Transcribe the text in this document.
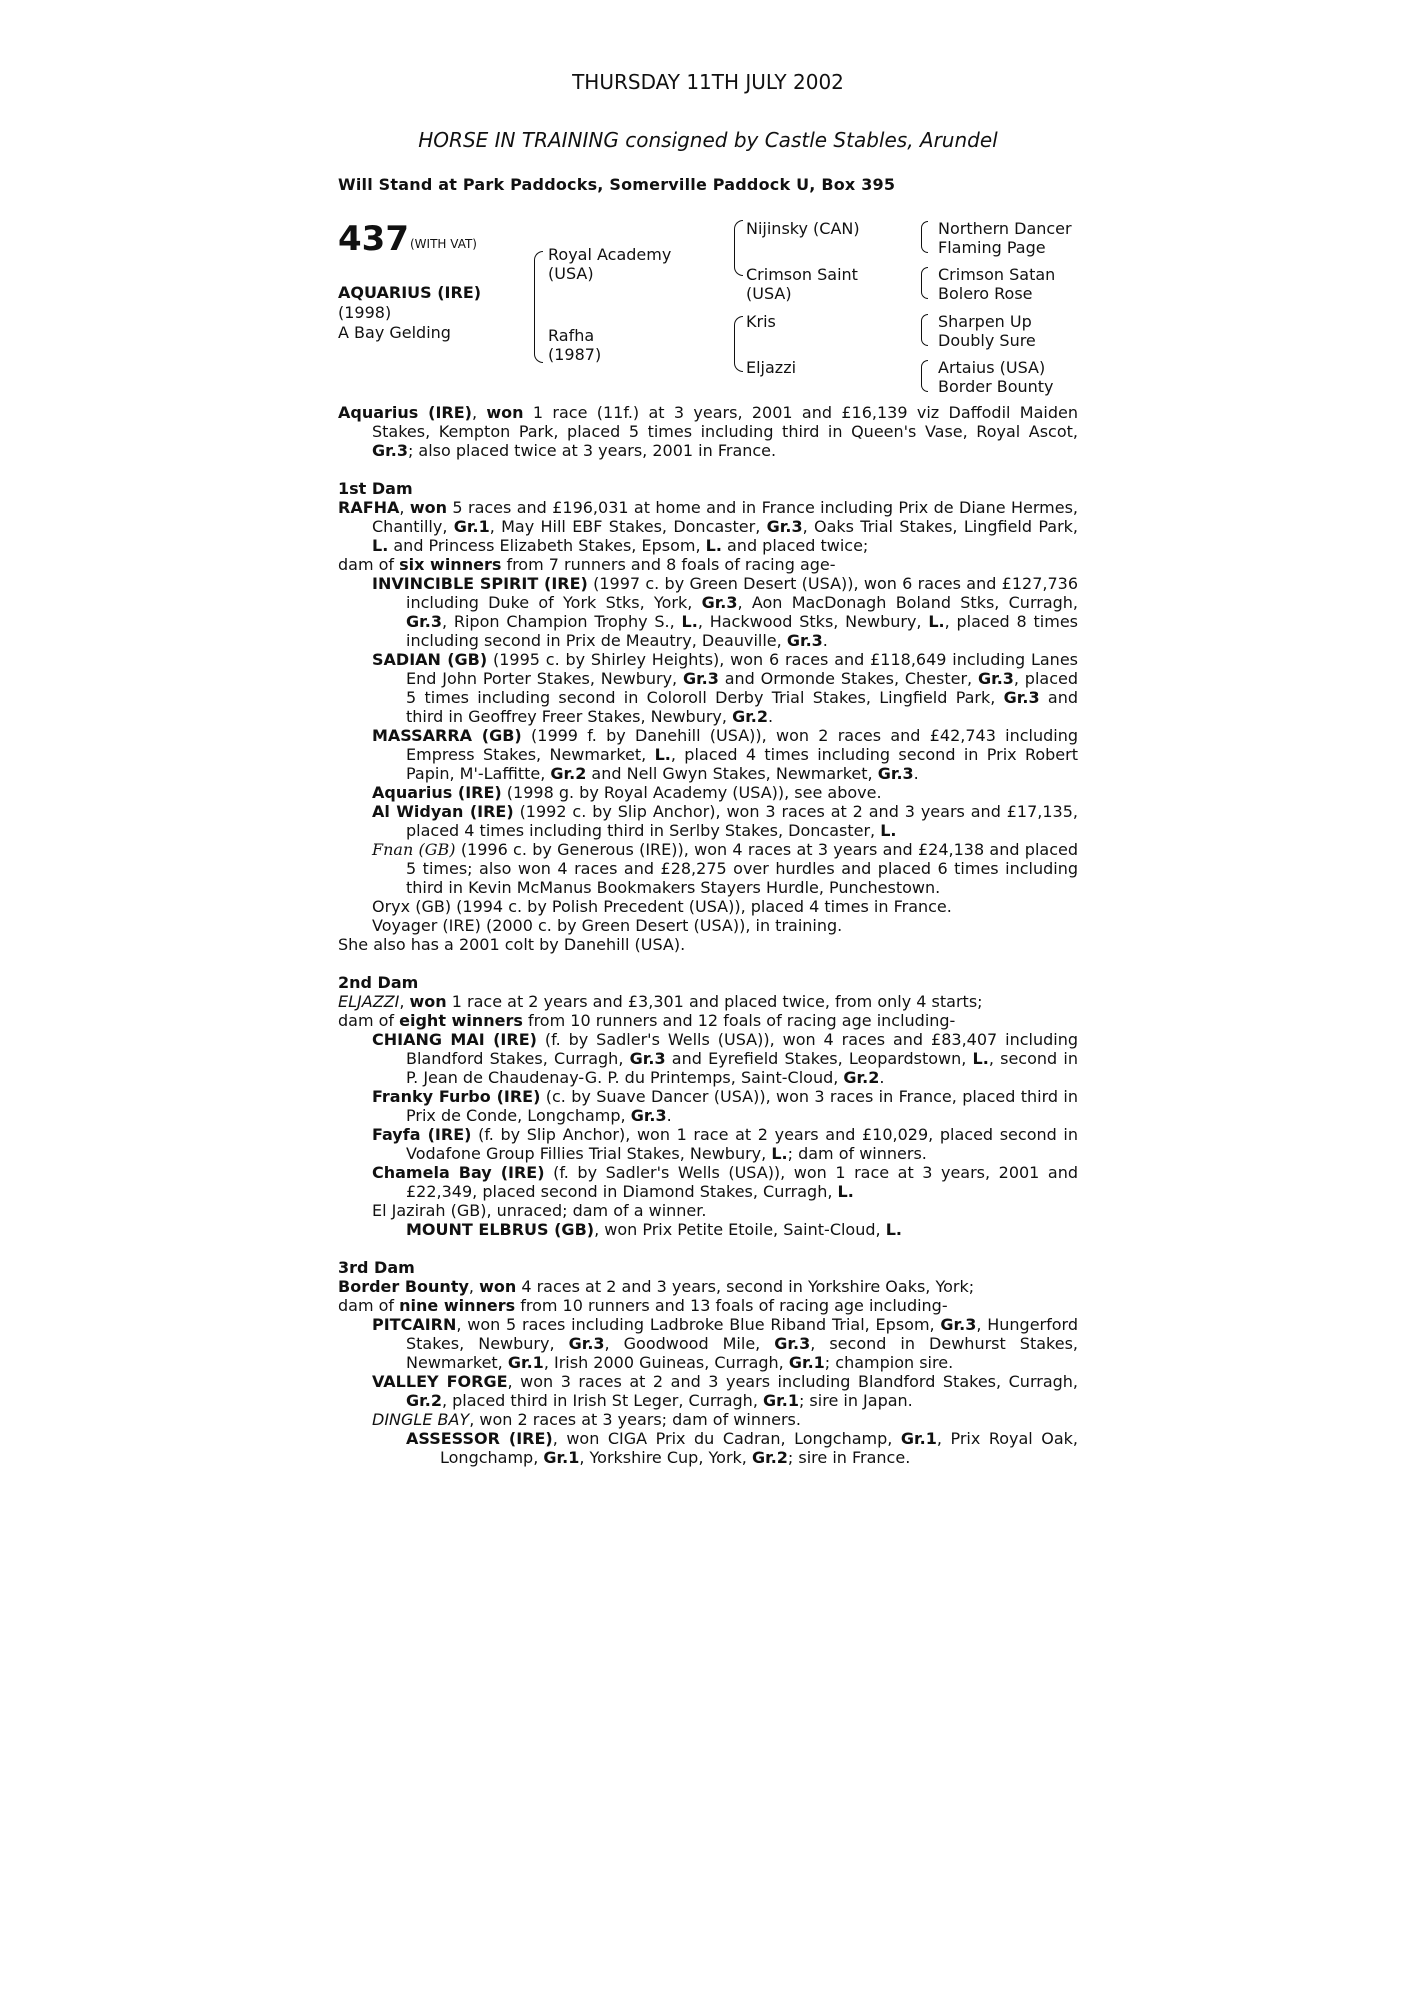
THURSDAY 11TH JULY 2002
HORSE IN TRAINING consigned by Castle Stables, Arundel
Will Stand at Park Paddocks, Somerville Paddock U, Box 395
437 (WITH VAT)
AQUARIUS (IRE)
(1998)
A Bay Gelding
Royal Academy
(USA)
Rafha
(1987)
Nijinsky (CAN)
Crimson Saint
(USA)
Kris
Eljazzi
Northern Dancer
Flaming Page
Crimson Satan
Bolero Rose
Sharpen Up
Doubly Sure
Artaius (USA)
Border Bounty
Aquarius (IRE), won 1 race (11f.) at 3 years, 2001 and £16,139 viz Daffodil Maiden Stakes, Kempton Park, placed 5 times including third in Queen's Vase, Royal Ascot, Gr.3; also placed twice at 3 years, 2001 in France.
1st Dam
RAFHA, won 5 races and £196,031 at home and in France including Prix de Diane Hermes, Chantilly, Gr.1, May Hill EBF Stakes, Doncaster, Gr.3, Oaks Trial Stakes, Lingfield Park, L. and Princess Elizabeth Stakes, Epsom, L. and placed twice;
dam of six winners from 7 runners and 8 foals of racing age-
INVINCIBLE SPIRIT (IRE) (1997 c. by Green Desert (USA)), won 6 races and £127,736 including Duke of York Stks, York, Gr.3, Aon MacDonagh Boland Stks, Curragh, Gr.3, Ripon Champion Trophy S., L., Hackwood Stks, Newbury, L., placed 8 times including second in Prix de Meautry, Deauville, Gr.3.
SADIAN (GB) (1995 c. by Shirley Heights), won 6 races and £118,649 including Lanes End John Porter Stakes, Newbury, Gr.3 and Ormonde Stakes, Chester, Gr.3, placed 5 times including second in Coloroll Derby Trial Stakes, Lingfield Park, Gr.3 and third in Geoffrey Freer Stakes, Newbury, Gr.2.
MASSARRA (GB) (1999 f. by Danehill (USA)), won 2 races and £42,743 including Empress Stakes, Newmarket, L., placed 4 times including second in Prix Robert Papin, M'-Laffitte, Gr.2 and Nell Gwyn Stakes, Newmarket, Gr.3.
Aquarius (IRE) (1998 g. by Royal Academy (USA)), see above.
Al Widyan (IRE) (1992 c. by Slip Anchor), won 3 races at 2 and 3 years and £17,135, placed 4 times including third in Serlby Stakes, Doncaster, L.
Fnan (GB) (1996 c. by Generous (IRE)), won 4 races at 3 years and £24,138 and placed 5 times; also won 4 races and £28,275 over hurdles and placed 6 times including third in Kevin McManus Bookmakers Stayers Hurdle, Punchestown.
Oryx (GB) (1994 c. by Polish Precedent (USA)), placed 4 times in France.
Voyager (IRE) (2000 c. by Green Desert (USA)), in training.
She also has a 2001 colt by Danehill (USA).
2nd Dam
ELJAZZI, won 1 race at 2 years and £3,301 and placed twice, from only 4 starts;
dam of eight winners from 10 runners and 12 foals of racing age including-
CHIANG MAI (IRE) (f. by Sadler's Wells (USA)), won 4 races and £83,407 including Blandford Stakes, Curragh, Gr.3 and Eyrefield Stakes, Leopardstown, L., second in P. Jean de Chaudenay-G. P. du Printemps, Saint-Cloud, Gr.2.
Franky Furbo (IRE) (c. by Suave Dancer (USA)), won 3 races in France, placed third in Prix de Conde, Longchamp, Gr.3.
Fayfa (IRE) (f. by Slip Anchor), won 1 race at 2 years and £10,029, placed second in Vodafone Group Fillies Trial Stakes, Newbury, L.; dam of winners.
Chamela Bay (IRE) (f. by Sadler's Wells (USA)), won 1 race at 3 years, 2001 and £22,349, placed second in Diamond Stakes, Curragh, L.
El Jazirah (GB), unraced; dam of a winner.
MOUNT ELBRUS (GB), won Prix Petite Etoile, Saint-Cloud, L.
3rd Dam
Border Bounty, won 4 races at 2 and 3 years, second in Yorkshire Oaks, York;
dam of nine winners from 10 runners and 13 foals of racing age including-
PITCAIRN, won 5 races including Ladbroke Blue Riband Trial, Epsom, Gr.3, Hungerford Stakes, Newbury, Gr.3, Goodwood Mile, Gr.3, second in Dewhurst Stakes, Newmarket, Gr.1, Irish 2000 Guineas, Curragh, Gr.1; champion sire.
VALLEY FORGE, won 3 races at 2 and 3 years including Blandford Stakes, Curragh, Gr.2, placed third in Irish St Leger, Curragh, Gr.1; sire in Japan.
DINGLE BAY, won 2 races at 3 years; dam of winners.
ASSESSOR (IRE), won CIGA Prix du Cadran, Longchamp, Gr.1, Prix Royal Oak, Longchamp, Gr.1, Yorkshire Cup, York, Gr.2; sire in France.
